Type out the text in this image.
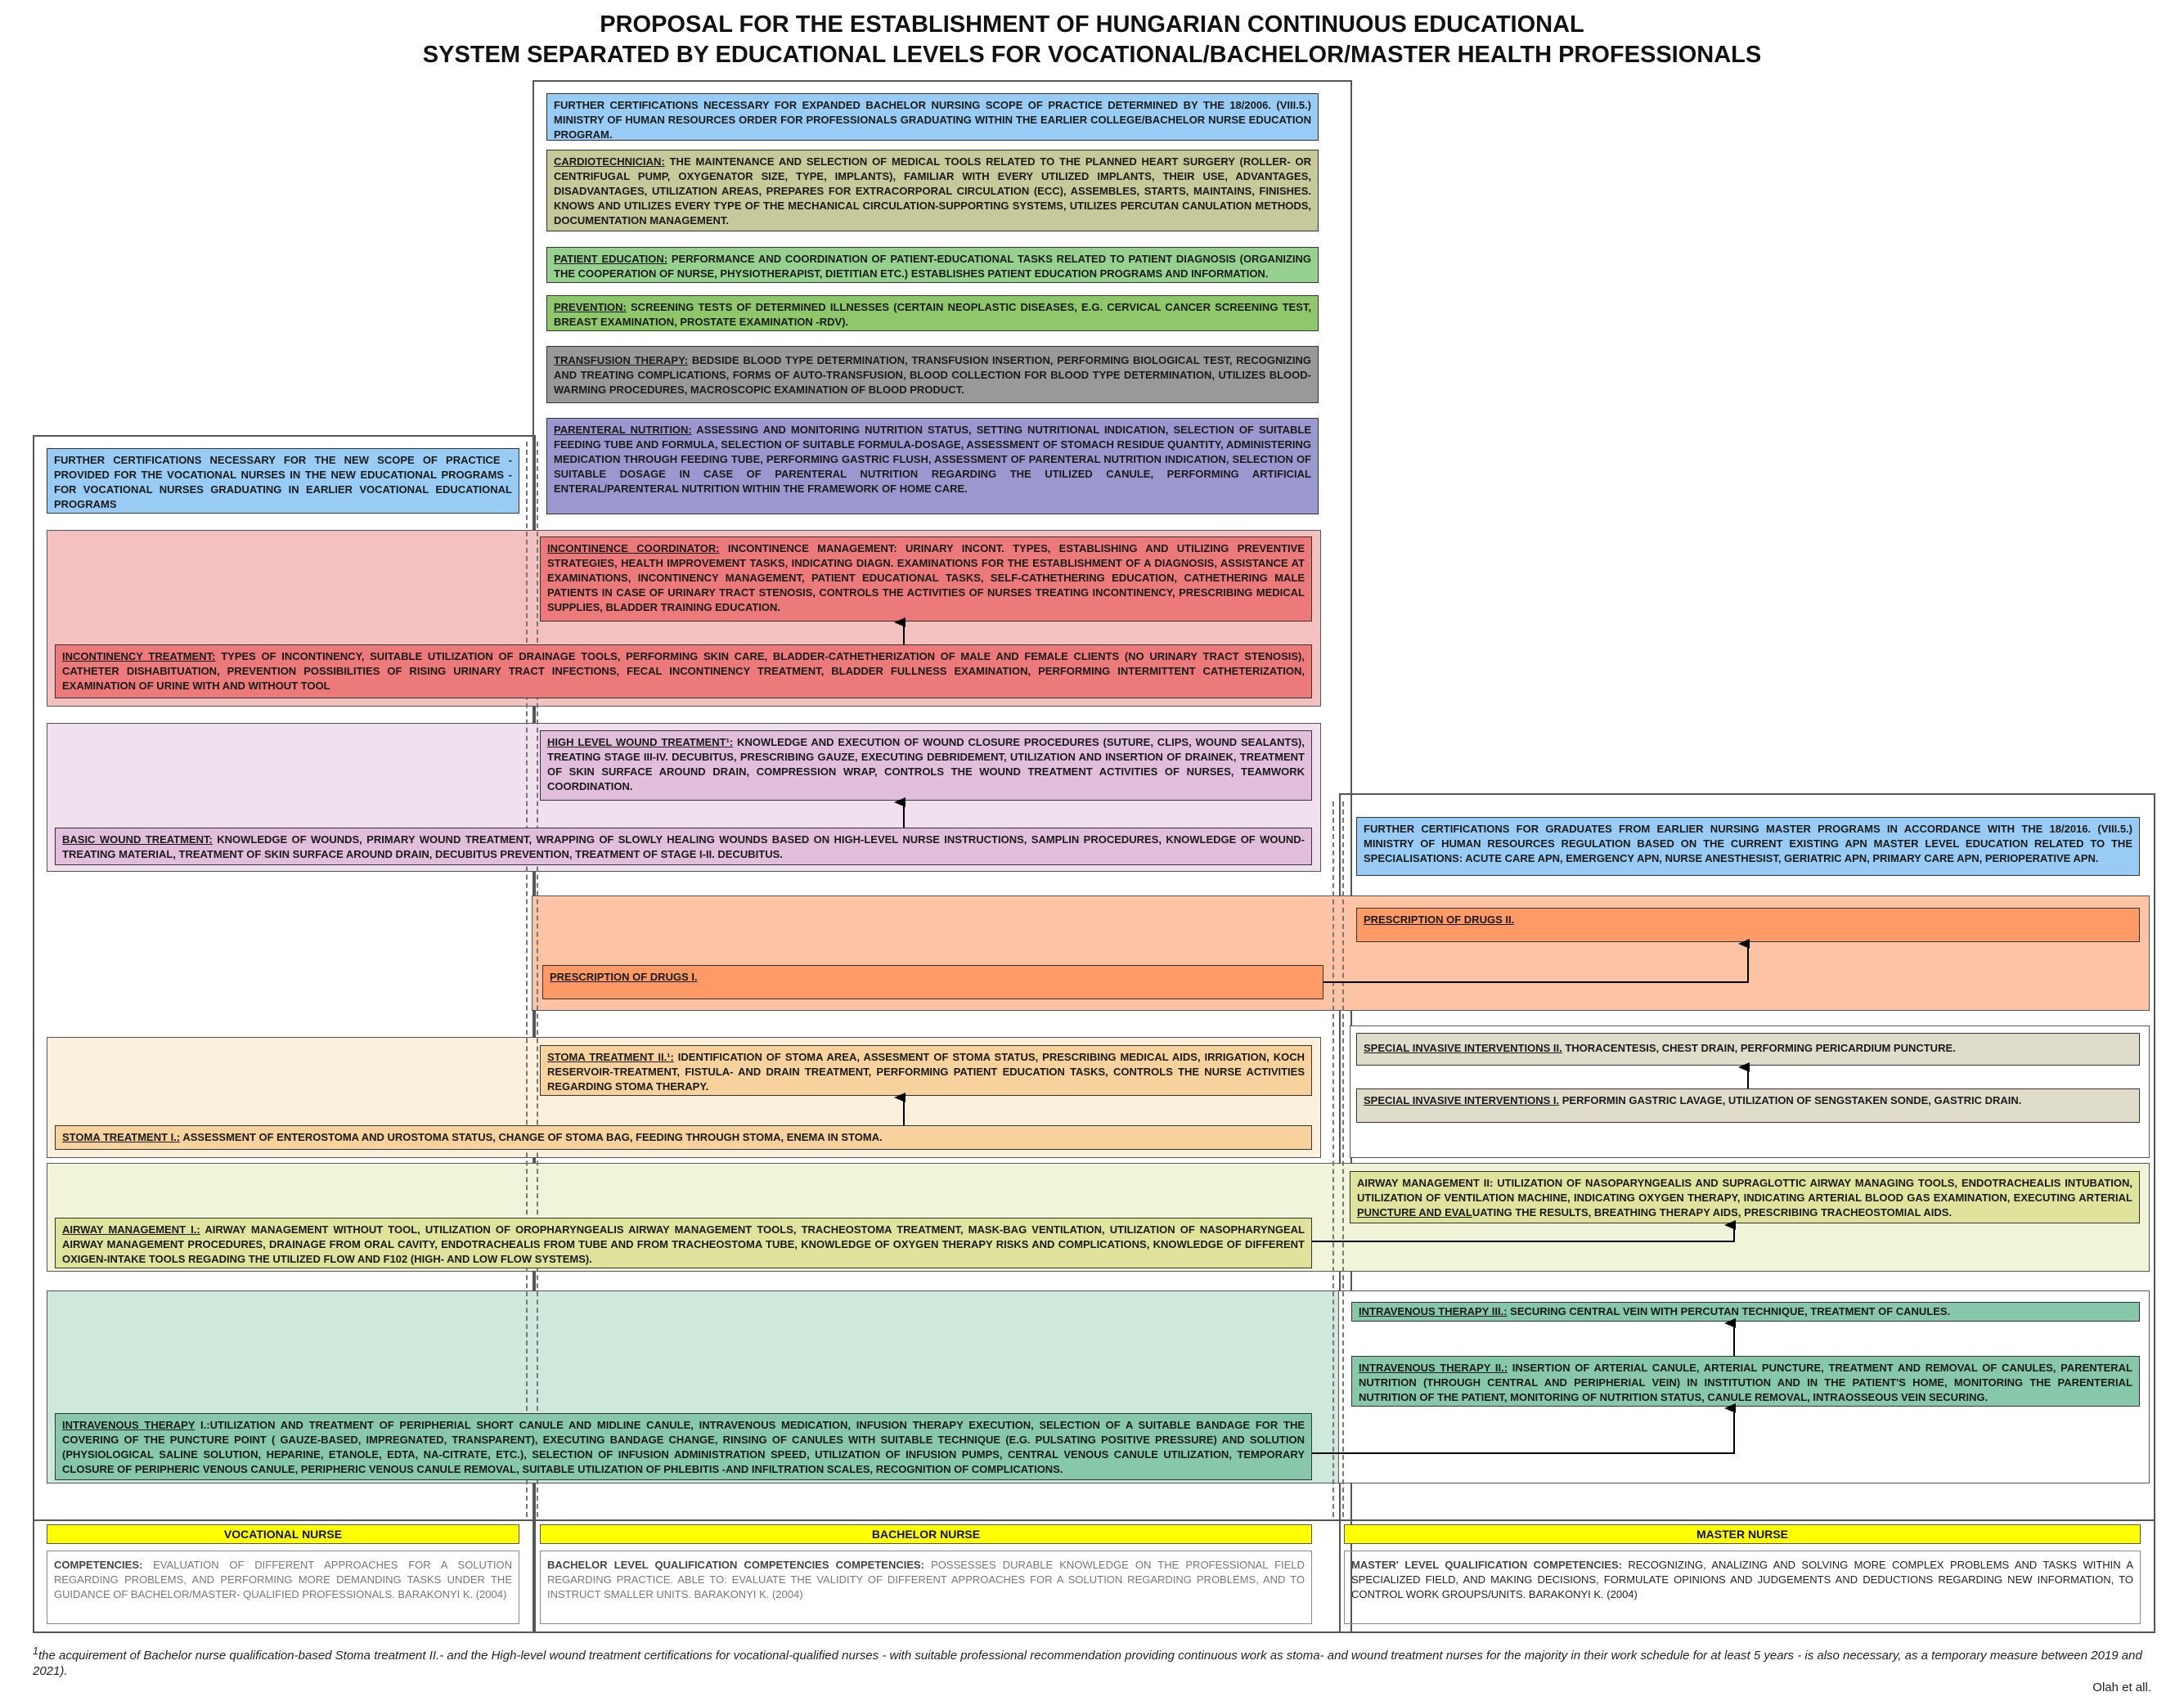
PROPOSAL FOR THE ESTABLISHMENT OF HUNGARIAN CONTINUOUS EDUCATIONAL
SYSTEM SEPARATED BY EDUCATIONAL LEVELS FOR VOCATIONAL/BACHELOR/MASTER HEALTH PROFESSIONALS
FURTHER CERTIFICATIONS NECESSARY FOR EXPANDED BACHELOR NURSING SCOPE OF PRACTICE DETERMINED BY THE 18/2006. (VIII.5.) MINISTRY OF HUMAN RESOURCES ORDER FOR PROFESSIONALS GRADUATING WITHIN THE EARLIER COLLEGE/BACHELOR NURSE EDUCATION PROGRAM.
CARDIOTECHNICIAN: THE MAINTENANCE AND SELECTION OF MEDICAL TOOLS RELATED TO THE PLANNED HEART SURGERY (ROLLER- OR CENTRIFUGAL PUMP, OXYGENATOR SIZE, TYPE, IMPLANTS), FAMILIAR WITH EVERY UTILIZED IMPLANTS, THEIR USE, ADVANTAGES, DISADVANTAGES, UTILIZATION AREAS, PREPARES FOR EXTRACORPORAL CIRCULATION (ECC), ASSEMBLES, STARTS, MAINTAINS, FINISHES. KNOWS AND UTILIZES EVERY TYPE OF THE MECHANICAL CIRCULATION-SUPPORTING SYSTEMS, UTILIZES PERCUTAN CANULATION METHODS, DOCUMENTATION MANAGEMENT.
PATIENT EDUCATION: PERFORMANCE AND COORDINATION OF PATIENT-EDUCATIONAL TASKS RELATED TO PATIENT DIAGNOSIS (ORGANIZING THE COOPERATION OF NURSE, PHYSIOTHERAPIST, DIETITIAN ETC.) ESTABLISHES PATIENT EDUCATION PROGRAMS AND INFORMATION.
PREVENTION: SCREENING TESTS OF DETERMINED ILLNESSES (CERTAIN NEOPLASTIC DISEASES, E.G. CERVICAL CANCER SCREENING TEST, BREAST EXAMINATION, PROSTATE EXAMINATION -RDV).
TRANSFUSION THERAPY: BEDSIDE BLOOD TYPE DETERMINATION, TRANSFUSION INSERTION, PERFORMING BIOLOGICAL TEST, RECOGNIZING AND TREATING COMPLICATIONS, FORMS OF AUTO-TRANSFUSION, BLOOD COLLECTION FOR BLOOD TYPE DETERMINATION, UTILIZES BLOOD-WARMING PROCEDURES, MACROSCOPIC EXAMINATION OF BLOOD PRODUCT.
PARENTERAL NUTRITION: ASSESSING AND MONITORING NUTRITION STATUS, SETTING NUTRITIONAL INDICATION, SELECTION OF SUITABLE FEEDING TUBE AND FORMULA, SELECTION OF SUITABLE FORMULA-DOSAGE, ASSESSMENT OF STOMACH RESIDUE QUANTITY, ADMINISTERING MEDICATION THROUGH FEEDING TUBE, PERFORMING GASTRIC FLUSH, ASSESSMENT OF PARENTERAL NUTRITION INDICATION, SELECTION OF SUITABLE DOSAGE IN CASE OF PARENTERAL NUTRITION REGARDING THE UTILIZED CANULE, PERFORMING ARTIFICIAL ENTERAL/PARENTERAL NUTRITION WITHIN THE FRAMEWORK OF HOME CARE.
FURTHER CERTIFICATIONS NECESSARY FOR THE NEW SCOPE OF PRACTICE - PROVIDED FOR THE VOCATIONAL NURSES IN THE NEW EDUCATIONAL PROGRAMS - FOR VOCATIONAL NURSES GRADUATING IN EARLIER VOCATIONAL EDUCATIONAL PROGRAMS
FURTHER CERTIFICATIONS FOR GRADUATES FROM EARLIER NURSING MASTER PROGRAMS IN ACCORDANCE WITH THE 18/2016. (VIII.5.) MINISTRY OF HUMAN RESOURCES REGULATION BASED ON THE CURRENT EXISTING APN MASTER LEVEL EDUCATION RELATED TO THE SPECIALISATIONS: ACUTE CARE APN, EMERGENCY APN, NURSE ANESTHESIST, GERIATRIC APN, PRIMARY CARE APN, PERIOPERATIVE APN.
INCONTINENCE COORDINATOR: INCONTINENCE MANAGEMENT: URINARY INCONT. TYPES, ESTABLISHING AND UTILIZING PREVENTIVE STRATEGIES, HEALTH IMPROVEMENT TASKS, INDICATING DIAGN. EXAMINATIONS FOR THE ESTABLISHMENT OF A DIAGNOSIS, ASSISTANCE AT EXAMINATIONS, INCONTINENCY MANAGEMENT, PATIENT EDUCATIONAL TASKS, SELF-CATHETHERING EDUCATION, CATHETHERING MALE PATIENTS IN CASE OF URINARY TRACT STENOSIS, CONTROLS THE ACTIVITIES OF NURSES TREATING INCONTINENCY, PRESCRIBING MEDICAL SUPPLIES, BLADDER TRAINING EDUCATION.
INCONTINENCY TREATMENT: TYPES OF INCONTINENCY, SUITABLE UTILIZATION OF DRAINAGE TOOLS, PERFORMING SKIN CARE, BLADDER-CATHETHERIZATION OF MALE AND FEMALE CLIENTS (NO URINARY TRACT STENOSIS), CATHETER DISHABITUATION, PREVENTION POSSIBILITIES OF RISING URINARY TRACT INFECTIONS, FECAL INCONTINENCY TREATMENT, BLADDER FULLNESS EXAMINATION, PERFORMING INTERMITTENT CATHETERIZATION, EXAMINATION OF URINE WITH AND WITHOUT TOOL
HIGH LEVEL WOUND TREATMENT¹: KNOWLEDGE AND EXECUTION OF WOUND CLOSURE PROCEDURES (SUTURE, CLIPS, WOUND SEALANTS), TREATING STAGE III-IV. DECUBITUS, PRESCRIBING GAUZE, EXECUTING DEBRIDEMENT, UTILIZATION AND INSERTION OF DRAINEK, TREATMENT OF SKIN SURFACE AROUND DRAIN, COMPRESSION WRAP, CONTROLS THE WOUND TREATMENT ACTIVITIES OF NURSES, TEAMWORK COORDINATION.
BASIC WOUND TREATMENT: KNOWLEDGE OF WOUNDS, PRIMARY WOUND TREATMENT, WRAPPING OF SLOWLY HEALING WOUNDS BASED ON HIGH-LEVEL NURSE INSTRUCTIONS, SAMPLIN PROCEDURES, KNOWLEDGE OF WOUND-TREATING MATERIAL, TREATMENT OF SKIN SURFACE AROUND DRAIN, DECUBITUS PREVENTION, TREATMENT OF STAGE I-II. DECUBITUS.
PRESCRIPTION OF DRUGS II.
PRESCRIPTION OF DRUGS I.
SPECIAL INVASIVE INTERVENTIONS II. THORACENTESIS, CHEST DRAIN, PERFORMING PERICARDIUM PUNCTURE.
SPECIAL INVASIVE INTERVENTIONS I. PERFORMIN GASTRIC LAVAGE, UTILIZATION OF SENGSTAKEN SONDE, GASTRIC DRAIN.
STOMA TREATMENT II.¹: IDENTIFICATION OF STOMA AREA, ASSESMENT OF STOMA STATUS, PRESCRIBING MEDICAL AIDS, IRRIGATION, KOCH RESERVOIR-TREATMENT, FISTULA- AND DRAIN TREATMENT, PERFORMING PATIENT EDUCATION TASKS, CONTROLS THE NURSE ACTIVITIES REGARDING STOMA THERAPY.
STOMA TREATMENT I.: ASSESSMENT OF ENTEROSTOMA AND UROSTOMA STATUS, CHANGE OF STOMA BAG, FEEDING THROUGH STOMA, ENEMA IN STOMA.
AIRWAY MANAGEMENT II: UTILIZATION OF NASOPARYNGEALIS AND SUPRAGLOTTIC AIRWAY MANAGING TOOLS, ENDOTRACHEALIS INTUBATION, UTILIZATION OF VENTILATION MACHINE, INDICATING OXYGEN THERAPY, INDICATING ARTERIAL BLOOD GAS EXAMINATION, EXECUTING ARTERIAL PUNCTURE AND EVALUATING THE RESULTS, BREATHING THERAPY AIDS, PRESCRIBING TRACHEOSTOMIAL AIDS.
AIRWAY MANAGEMENT I.: AIRWAY MANAGEMENT WITHOUT TOOL, UTILIZATION OF OROPHARYNGEALIS AIRWAY MANAGEMENT TOOLS, TRACHEOSTOMA TREATMENT, MASK-BAG VENTILATION, UTILIZATION OF NASOPHARYNGEAL AIRWAY MANAGEMENT PROCEDURES, DRAINAGE FROM ORAL CAVITY, ENDOTRACHEALIS FROM TUBE AND FROM TRACHEOSTOMA TUBE, KNOWLEDGE OF OXYGEN THERAPY RISKS AND COMPLICATIONS, KNOWLEDGE OF DIFFERENT OXIGEN-INTAKE TOOLS REGADING THE UTILIZED FLOW AND F102 (HIGH- AND LOW FLOW SYSTEMS).
INTRAVENOUS THERAPY III.: SECURING CENTRAL VEIN WITH PERCUTAN TECHNIQUE, TREATMENT OF CANULES.
INTRAVENOUS THERAPY II.: INSERTION OF ARTERIAL CANULE, ARTERIAL PUNCTURE, TREATMENT AND REMOVAL OF CANULES, PARENTERAL NUTRITION (THROUGH CENTRAL AND PERIPHERIAL VEIN) IN INSTITUTION AND IN THE PATIENT'S HOME, MONITORING THE PARENTERIAL NUTRITION OF THE PATIENT, MONITORING OF NUTRITION STATUS, CANULE REMOVAL, INTRAOSSEOUS VEIN SECURING.
INTRAVENOUS THERAPY I.:UTILIZATION AND TREATMENT OF PERIPHERIAL SHORT CANULE AND MIDLINE CANULE, INTRAVENOUS MEDICATION, INFUSION THERAPY EXECUTION, SELECTION OF A SUITABLE BANDAGE FOR THE COVERING OF THE PUNCTURE POINT ( GAUZE-BASED, IMPREGNATED, TRANSPARENT), EXECUTING BANDAGE CHANGE, RINSING OF CANULES WITH SUITABLE TECHNIQUE (E.G. PULSATING POSITIVE PRESSURE) AND SOLUTION (PHYSIOLOGICAL SALINE SOLUTION, HEPARINE, ETANOLE, EDTA, NA-CITRATE, ETC.), SELECTION OF INFUSION ADMINISTRATION SPEED, UTILIZATION OF INFUSION PUMPS, CENTRAL VENOUS CANULE UTILIZATION, TEMPORARY CLOSURE OF PERIPHERIC VENOUS CANULE, PERIPHERIC VENOUS CANULE REMOVAL, SUITABLE UTILIZATION OF PHLEBITIS -AND INFILTRATION SCALES, RECOGNITION OF COMPLICATIONS.
VOCATIONAL NURSE	BACHELOR NURSE	MASTER NURSE
COMPETENCIES: EVALUATION OF DIFFERENT APPROACHES FOR A SOLUTION REGARDING PROBLEMS, AND PERFORMING MORE DEMANDING TASKS UNDER THE GUIDANCE OF BACHELOR/MASTER- QUALIFIED PROFESSIONALS. BARAKONYI K. (2004)
BACHELOR LEVEL QUALIFICATION COMPETENCIES COMPETENCIES: POSSESSES DURABLE KNOWLEDGE ON THE PROFESSIONAL FIELD REGARDING PRACTICE. ABLE TO: EVALUATE THE VALIDITY OF DIFFERENT APPROACHES FOR A SOLUTION REGARDING PROBLEMS, AND TO INSTRUCT SMALLER UNITS. BARAKONYI K. (2004)
MASTER' LEVEL QUALIFICATION COMPETENCIES: RECOGNIZING, ANALIZING AND SOLVING MORE COMPLEX PROBLEMS AND TASKS WITHIN A SPECIALIZED FIELD, AND MAKING DECISIONS, FORMULATE OPINIONS AND JUDGEMENTS AND DEDUCTIONS REGARDING NEW INFORMATION, TO CONTROL WORK GROUPS/UNITS. BARAKONYI K. (2004)
$^1$the acquirement of Bachelor nurse qualification-based Stoma treatment II.- and the High-level wound treatment certifications for vocational-qualified nurses - with suitable professional recommendation providing continuous work as stoma- and wound treatment nurses for the majority in their work schedule for at least 5 years - is also necessary, as a temporary measure between 2019 and 2021).
Olah et all.
